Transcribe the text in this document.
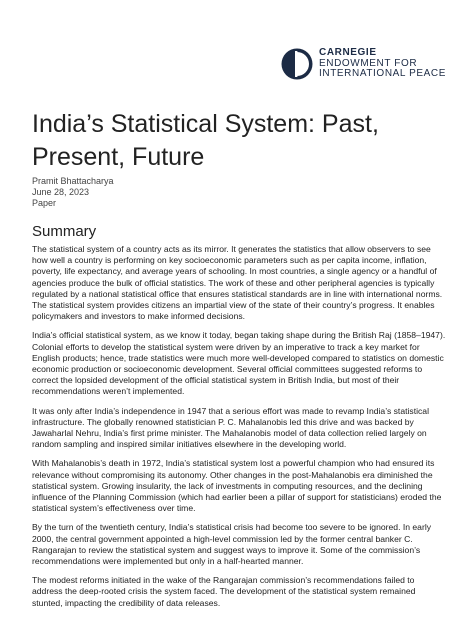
CARNEGIE
ENDOWMENT FOR
INTERNATIONAL PEACE
India’s Statistical System: Past, Present, Future
Pramit Bhattacharya
June 28, 2023
Paper
Summary

The statistical system of a country acts as its mirror. It generates the statistics that allow observers to see how well a country is performing on key socioeconomic parameters such as per capita income, inflation, poverty, life expectancy, and average years of schooling. In most countries, a single agency or a handful of agencies produce the bulk of official statistics. The work of these and other peripheral agencies is typically regulated by a national statistical office that ensures statistical standards are in line with international norms. The statistical system provides citizens an impartial view of the state of their country’s progress. It enables policymakers and investors to make informed decisions.

India’s official statistical system, as we know it today, began taking shape during the British Raj (1858–1947). Colonial efforts to develop the statistical system were driven by an imperative to track a key market for English products; hence, trade statistics were much more well-developed compared to statistics on domestic economic production or socioeconomic development. Several official committees suggested reforms to correct the lopsided development of the official statistical system in British India, but most of their recommendations weren’t implemented.

It was only after India’s independence in 1947 that a serious effort was made to revamp India’s statistical infrastructure. The globally renowned statistician P. C. Mahalanobis led this drive and was backed by Jawaharlal Nehru, India’s first prime minister. The Mahalanobis model of data collection relied largely on random sampling and inspired similar initiatives elsewhere in the developing world.

With Mahalanobis’s death in 1972, India’s statistical system lost a powerful champion who had ensured its relevance without compromising its autonomy. Other changes in the post-Mahalanobis era diminished the statistical system. Growing insularity, the lack of investments in computing resources, and the declining influence of the Planning Commission (which had earlier been a pillar of support for statisticians) eroded the statistical system’s effectiveness over time.

By the turn of the twentieth century, India’s statistical crisis had become too severe to be ignored. In early 2000, the central government appointed a high-level commission led by the former central banker C. Rangarajan to review the statistical system and suggest ways to improve it. Some of the commission’s recommendations were implemented but only in a half-hearted manner.

The modest reforms initiated in the wake of the Rangarajan commission’s recommendations failed to address the deep-rooted crisis the system faced. The development of the statistical system remained stunted, impacting the credibility of data releases.
